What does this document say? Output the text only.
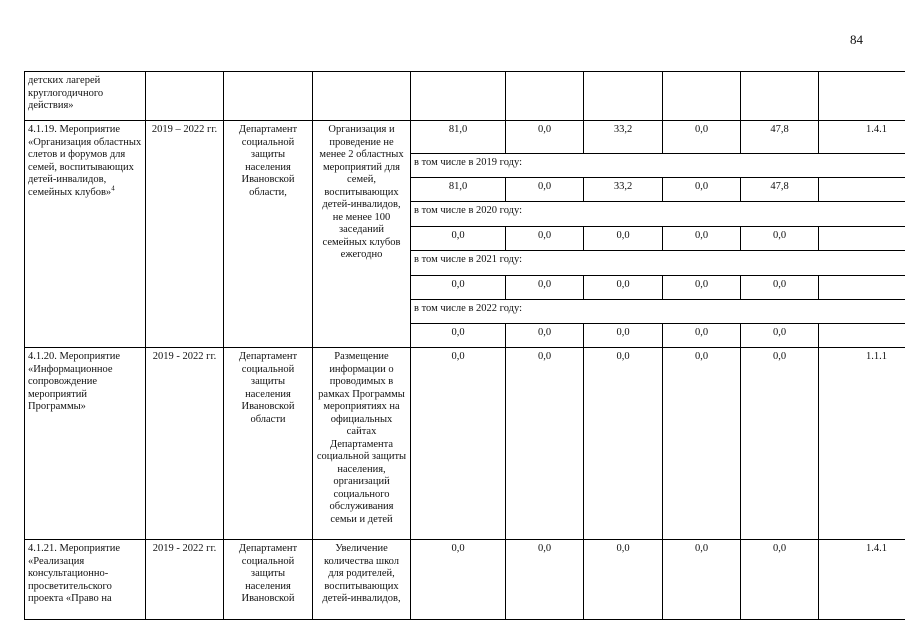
84
детских лагерей круглогодичного действия»									
4.1.19. Мероприятие «Организация областных слетов и форумов для семей, воспитывающих детей-инвалидов, семейных клубов»$^4$	2019 – 2022 гг.	Департамент социальной защиты населения Ивановской области,	Организация и проведение не менее 2 областных мероприятий для семей, воспитывающих детей-инвалидов, не менее 100 заседаний семейных клубов ежегодно	81,0	0,0	33,2	0,0	47,8	1.4.1
				в том числе в 2019 году:					
				81,0	0,0	33,2	0,0	47,8	
				в том числе в 2020 году:					
				0,0	0,0	0,0	0,0	0,0	
				в том числе в 2021 году:					
				0,0	0,0	0,0	0,0	0,0	
				в том числе в 2022 году:					
				0,0	0,0	0,0	0,0	0,0	
4.1.20. Мероприятие «Информационное сопровождение мероприятий Программы»	2019 - 2022 гг.	Департамент социальной защиты населения Ивановской области	Размещение информации о проводимых в рамках Программы мероприятиях на официальных сайтах Департамента социальной защиты населения, организаций социального обслуживания семьи и детей	0,0	0,0	0,0	0,0	0,0	1.1.1
4.1.21. Мероприятие «Реализация консультационно-просветительского проекта «Право на	2019 - 2022 гг.	Департамент социальной защиты населения Ивановской	Увеличение количества школ для родителей, воспитывающих детей-инвалидов,	0,0	0,0	0,0	0,0	0,0	1.4.1
